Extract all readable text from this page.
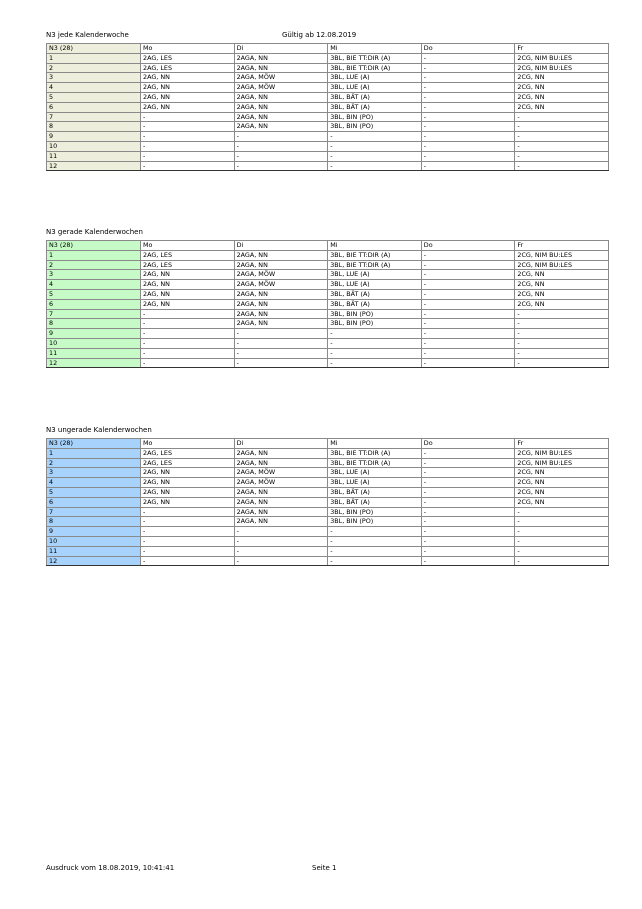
N3 jede Kalenderwoche	Gültig ab 12.08.2019
N3 (28)	Mo	Di	Mi	Do	Fr
1	2AG, LES	2AGA, NN	3BL, BIE TT:DIR (A)	-	2CG, NIM BU:LES
2	2AG, LES	2AGA, NN	3BL, BIE TT:DIR (A)	-	2CG, NIM BU:LES
3	2AG, NN	2AGA, MÖW	3BL, LUE (A)	-	2CG, NN
4	2AG, NN	2AGA, MÖW	3BL, LUE (A)	-	2CG, NN
5	2AG, NN	2AGA, NN	3BL, BÄT (A)	-	2CG, NN
6	2AG, NN	2AGA, NN	3BL, BÄT (A)	-	2CG, NN
7	-	2AGA, NN	3BL, BIN (PO)	-	-
8	-	2AGA, NN	3BL, BIN (PO)	-	-
9	-	-	-	-	-
10	-	-	-	-	-
11	-	-	-	-	-
12	-	-	-	-	-
N3 gerade Kalenderwochen
N3 (28)	Mo	Di	Mi	Do	Fr
1	2AG, LES	2AGA, NN	3BL, BIE TT:DIR (A)	-	2CG, NIM BU:LES
2	2AG, LES	2AGA, NN	3BL, BIE TT:DIR (A)	-	2CG, NIM BU:LES
3	2AG, NN	2AGA, MÖW	3BL, LUE (A)	-	2CG, NN
4	2AG, NN	2AGA, MÖW	3BL, LUE (A)	-	2CG, NN
5	2AG, NN	2AGA, NN	3BL, BÄT (A)	-	2CG, NN
6	2AG, NN	2AGA, NN	3BL, BÄT (A)	-	2CG, NN
7	-	2AGA, NN	3BL, BIN (PO)	-	-
8	-	2AGA, NN	3BL, BIN (PO)	-	-
9	-	-	-	-	-
10	-	-	-	-	-
11	-	-	-	-	-
12	-	-	-	-	-
N3 ungerade Kalenderwochen
N3 (28)	Mo	Di	Mi	Do	Fr
1	2AG, LES	2AGA, NN	3BL, BIE TT:DIR (A)	-	2CG, NIM BU:LES
2	2AG, LES	2AGA, NN	3BL, BIE TT:DIR (A)	-	2CG, NIM BU:LES
3	2AG, NN	2AGA, MÖW	3BL, LUE (A)	-	2CG, NN
4	2AG, NN	2AGA, MÖW	3BL, LUE (A)	-	2CG, NN
5	2AG, NN	2AGA, NN	3BL, BÄT (A)	-	2CG, NN
6	2AG, NN	2AGA, NN	3BL, BÄT (A)	-	2CG, NN
7	-	2AGA, NN	3BL, BIN (PO)	-	-
8	-	2AGA, NN	3BL, BIN (PO)	-	-
9	-	-	-	-	-
10	-	-	-	-	-
11	-	-	-	-	-
12	-	-	-	-	-
Ausdruck vom 18.08.2019, 10:41:41	Seite 1
